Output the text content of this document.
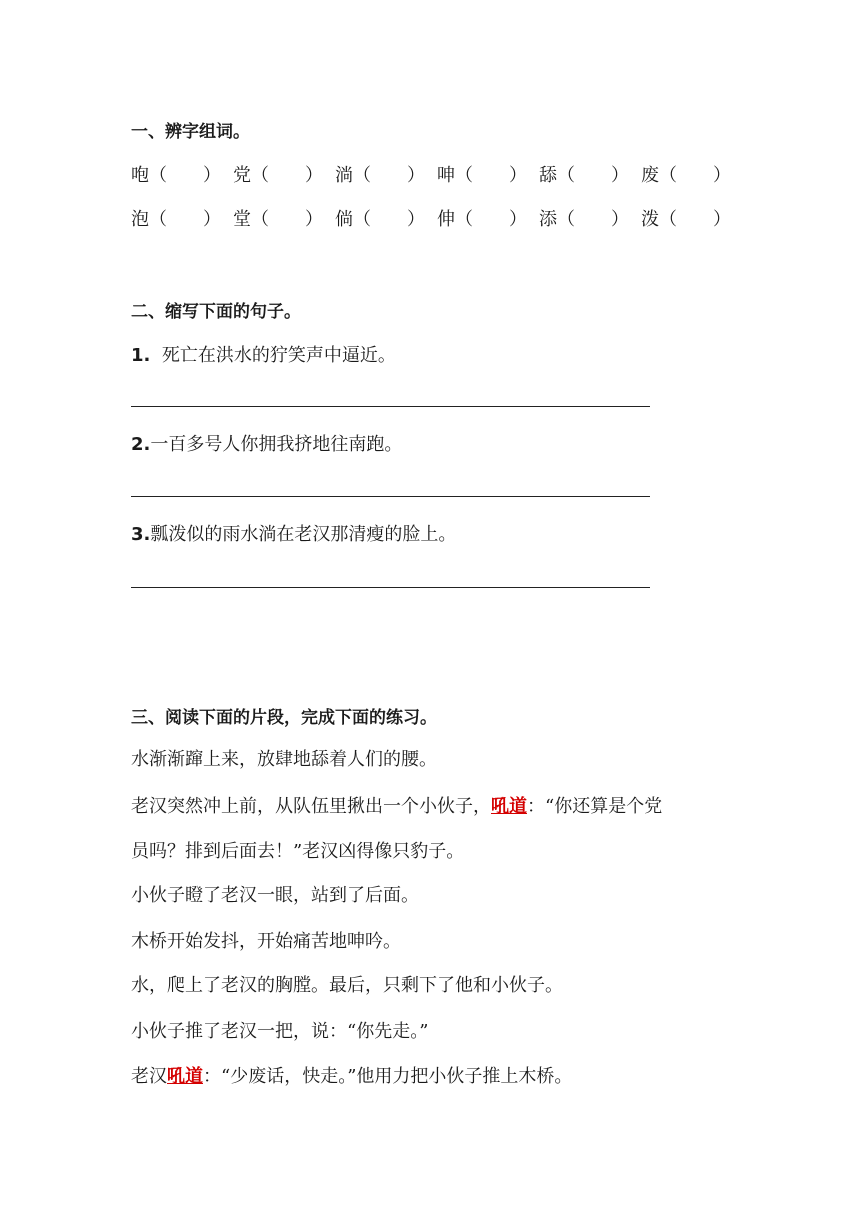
一、辨字组词。
咆（　　） 党（　　） 淌（　　） 呻（　　） 舔（　　） 废（　　）
泡（　　） 堂（　　） 倘（　　） 伸（　　） 添（　　） 泼（　　）
二、缩写下面的句子。
1.  死亡在洪水的狞笑声中逼近。
2.一百多号人你拥我挤地往南跑。
3.瓢泼似的雨水淌在老汉那清瘦的脸上。
三、阅读下面的片段，完成下面的练习。
水渐渐蹿上来，放肆地舔着人们的腰。
老汉突然冲上前，从队伍里揪出一个小伙子，吼道：“你还算是个党
员吗？排到后面去！”老汉凶得像只豹子。
小伙子瞪了老汉一眼，站到了后面。
木桥开始发抖，开始痛苦地呻吟。
水，爬上了老汉的胸膛。最后，只剩下了他和小伙子。
小伙子推了老汉一把，说：“你先走。”
老汉吼道：“少废话，快走。”他用力把小伙子推上木桥。
